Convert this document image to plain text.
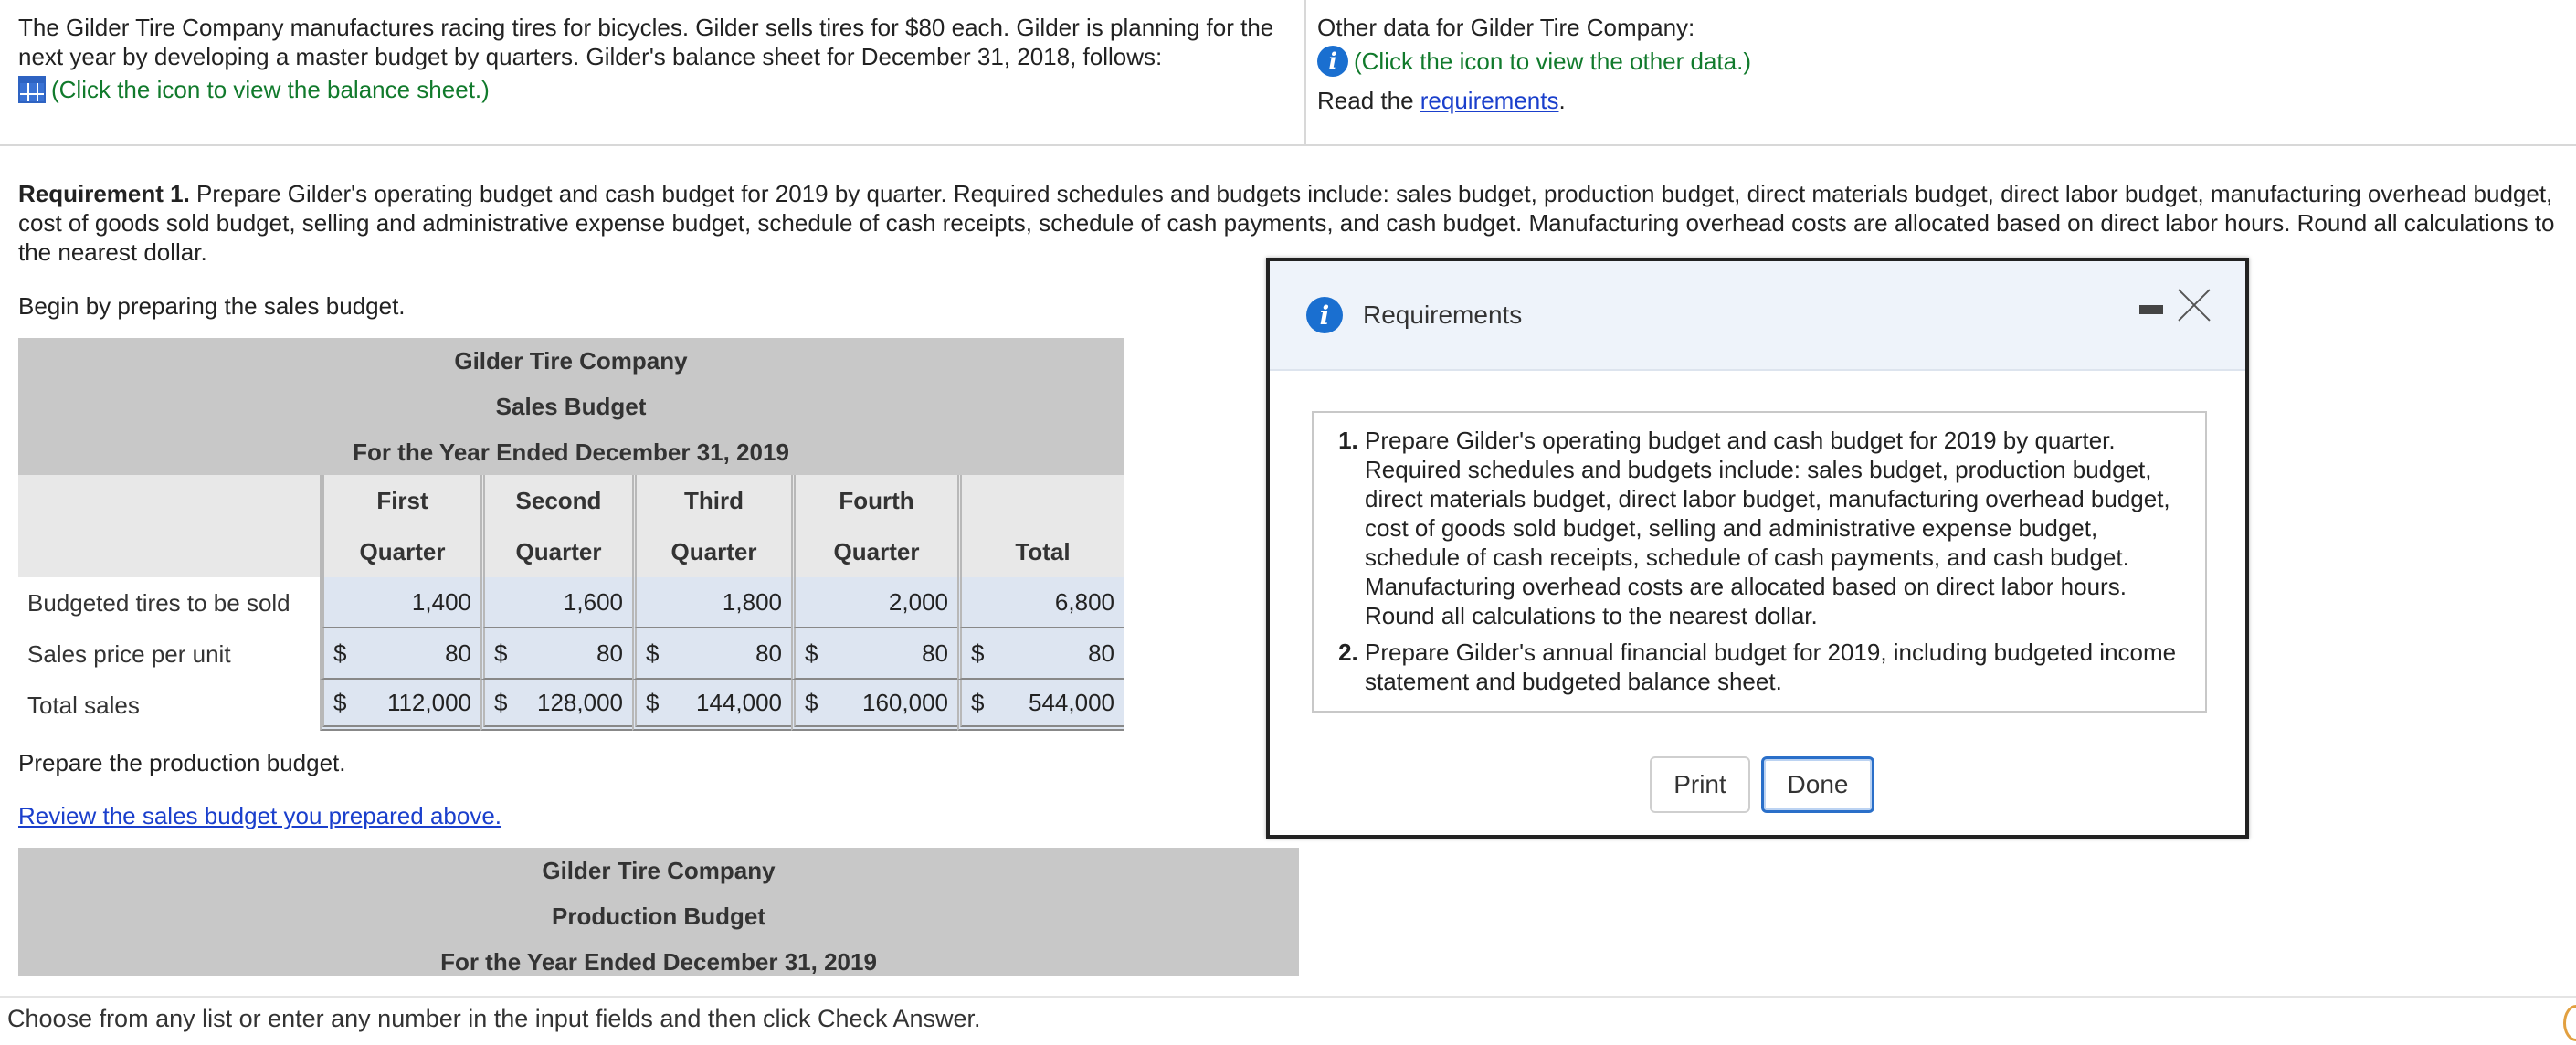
The Gilder Tire Company manufactures racing tires for bicycles. Gilder sells tires for $80 each. Gilder is planning for the next year by developing a master budget by quarters. Gilder's balance sheet for December 31, 2018, follows:
(Click the icon to view the balance sheet.)
Other data for Gilder Tire Company:
i (Click the icon to view the other data.)
Read the requirements.
Requirement 1. Prepare Gilder's operating budget and cash budget for 2019 by quarter. Required schedules and budgets include: sales budget, production budget, direct materials budget, direct labor budget, manufacturing overhead budget, cost of goods sold budget, selling and administrative expense budget, schedule of cash receipts, schedule of cash payments, and cash budget. Manufacturing overhead costs are allocated based on direct labor hours. Round all calculations to the nearest dollar.
Begin by preparing the sales budget.
Gilder Tire Company
Sales Budget
For the Year Ended December 31, 2019
	First	Second	Third	Fourth	
	Quarter	Quarter	Quarter	Quarter	Total
Budgeted tires to be sold	1,400	1,600	1,800	2,000	6,800
Sales price per unit	$ 80	$ 80	$ 80	$ 80	$ 80
Total sales	$ 112,000	$ 128,000	$ 144,000	$ 160,000	$ 544,000
Prepare the production budget.
Review the sales budget you prepared above.
Gilder Tire Company
Production Budget
For the Year Ended December 31, 2019
i	Requirements
1. Prepare Gilder's operating budget and cash budget for 2019 by quarter. Required schedules and budgets include: sales budget, production budget, direct materials budget, direct labor budget, manufacturing overhead budget, cost of goods sold budget, selling and administrative expense budget, schedule of cash receipts, schedule of cash payments, and cash budget. Manufacturing overhead costs are allocated based on direct labor hours. Round all calculations to the nearest dollar.
2. Prepare Gilder's annual financial budget for 2019, including budgeted income statement and budgeted balance sheet.
Print	Done
Choose from any list or enter any number in the input fields and then click Check Answer.
